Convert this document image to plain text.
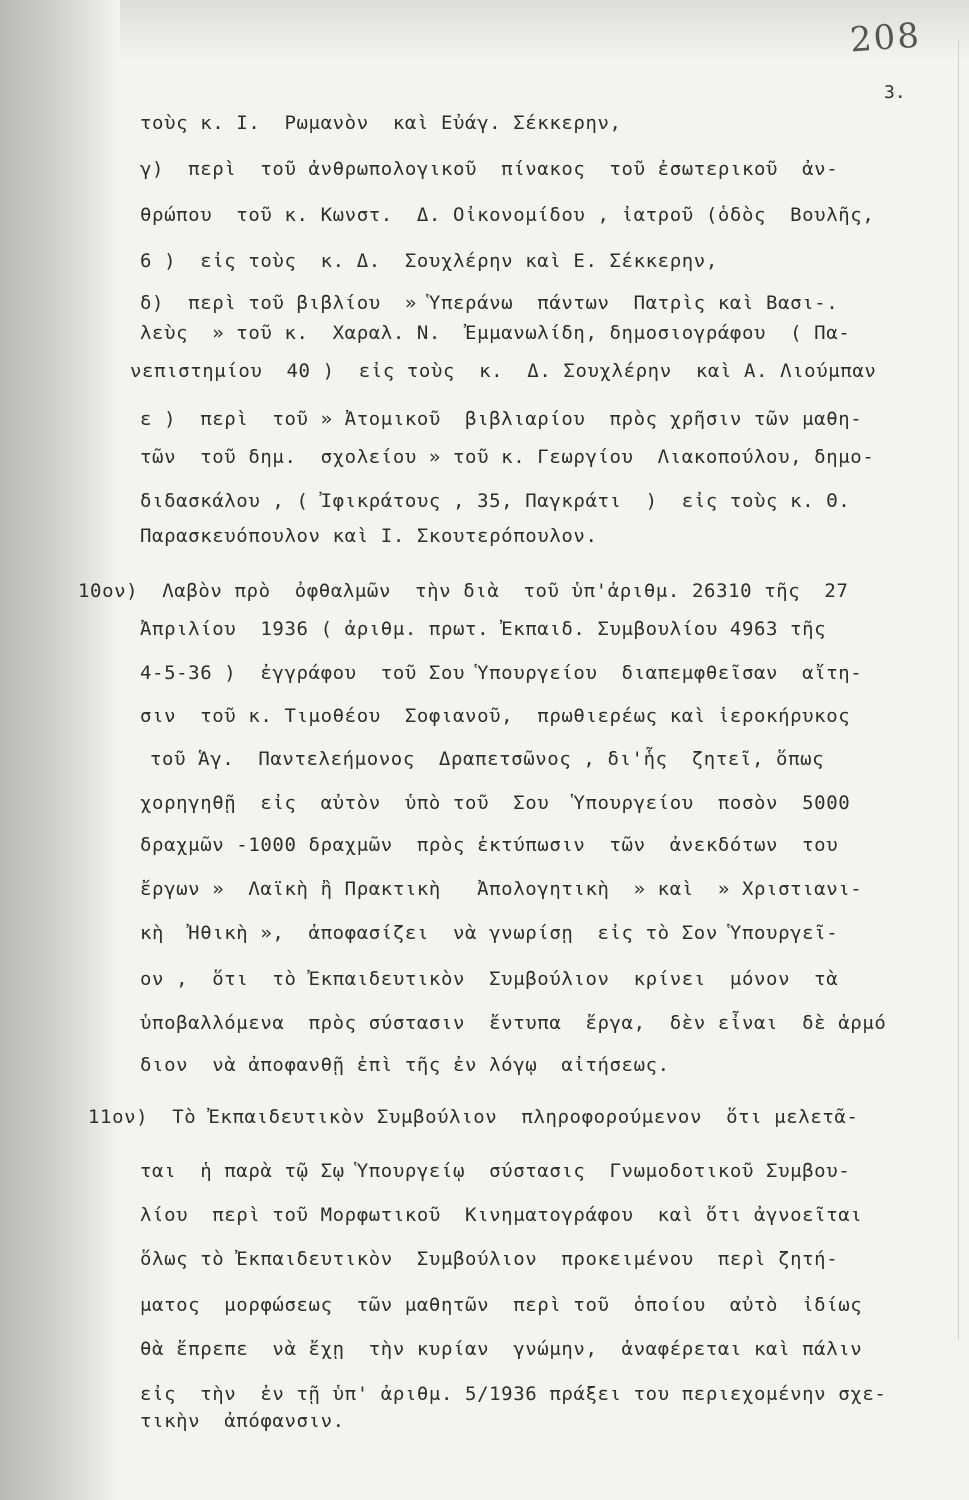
208
3.
τοὺς κ. Ι.  Ρωμανὸν  καὶ Εὐάγ. Σέκκερην,
γ)  περὶ  τοῦ ἀνθρωπολογικοῦ  πίνακος  τοῦ ἐσωτερικοῦ  ἀν-
θρώπου  τοῦ κ. Κωνστ.  Δ. Οἰκονομίδου , ἰατροῦ (ὁδὸς  Βουλῆς,
6 )  εἰς τοὺς  κ. Δ.  Σουχλέρην καὶ Ε. Σέκκερην,
δ)  περὶ τοῦ βιβλίου  » Ὑπεράνω  πάντων  Πατρὶς καὶ Βασι-.
λεὺς  » τοῦ κ.  Χαραλ. Ν.  Ἐμμανωλίδη, δημοσιογράφου  ( Πα-
νεπιστημίου  40 )  εἰς τοὺς  κ.  Δ. Σουχλέρην  καὶ Α. Λιούμπαν
ε )  περὶ  τοῦ » Ἀτομικοῦ  βιβλιαρίου  πρὸς χρῆσιν τῶν μαθη-
τῶν  τοῦ δημ.  σχολείου » τοῦ κ. Γεωργίου  Λιακοπούλου, δημο-
διδασκάλου , ( Ἰφικράτους , 35, Παγκράτι  )  εἰς τοὺς κ. Θ.
Παρασκευόπουλον καὶ Ι. Σκουτερόπουλον.
10ον)  Λαβὸν πρὸ  ὀφθαλμῶν  τὴν διὰ  τοῦ ὑπ'ἀριθμ. 26310 τῆς  27
Ἀπριλίου  1936 ( ἀριθμ. πρωτ. Ἐκπαιδ. Συμβουλίου 4963 τῆς
4-5-36 )  ἐγγράφου  τοῦ Σου Ὑπουργείου  διαπεμφθεῖσαν  αἴτη-
σιν  τοῦ κ. Τιμοθέου  Σοφιανοῦ,  πρωθιερέως καὶ ἱεροκήρυκος
τοῦ Ἁγ.  Παντελεήμονος  Δραπετσῶνος , δι'ἧς  ζητεῖ, ὅπως
χορηγηθῇ  εἰς  αὐτὸν  ὑπὸ τοῦ  Σου  Ὑπουργείου  ποσὸν  5000
δραχμῶν -1000 δραχμῶν  πρὸς ἐκτύπωσιν  τῶν  ἀνεκδότων  του
ἔργων »  Λαϊκὴ ἢ Πρακτικὴ   Ἀπολογητικὴ  » καὶ  » Χριστιανι-
κὴ  Ἠθικὴ »,  ἀποφασίζει  νὰ γνωρίσῃ  εἰς τὸ Σον Ὑπουργεῖ-
ον ,  ὅτι  τὸ Ἐκπαιδευτικὸν  Συμβούλιον  κρίνει  μόνον  τὰ
ὑποβαλλόμενα  πρὸς σύστασιν  ἔντυπα  ἔργα,  δὲν εἶναι  δὲ ἁρμό
διον  νὰ ἀποφανθῇ ἐπὶ τῆς ἐν λόγῳ  αἰτήσεως.
11ον)  Τὸ Ἐκπαιδευτικὸν Συμβούλιον  πληροφορούμενον  ὅτι μελετᾶ-
ται  ἡ παρὰ τῷ Σῳ Ὑπουργείῳ  σύστασις  Γνωμοδοτικοῦ Συμβου-
λίου  περὶ τοῦ Μορφωτικοῦ  Κινηματογράφου  καὶ ὅτι ἀγνοεῖται
ὅλως τὸ Ἐκπαιδευτικὸν  Συμβούλιον  προκειμένου  περὶ ζητή-
ματος  μορφώσεως  τῶν μαθητῶν  περὶ τοῦ  ὁποίου  αὐτὸ  ἰδίως
θὰ ἔπρεπε  νὰ ἔχῃ  τὴν κυρίαν  γνώμην,  ἀναφέρεται καὶ πάλιν
εἰς  τὴν  ἐν τῇ ὑπ' ἀριθμ. 5/1936 πράξει του περιεχομένην σχε-
τικὴν  ἀπόφανσιν.
